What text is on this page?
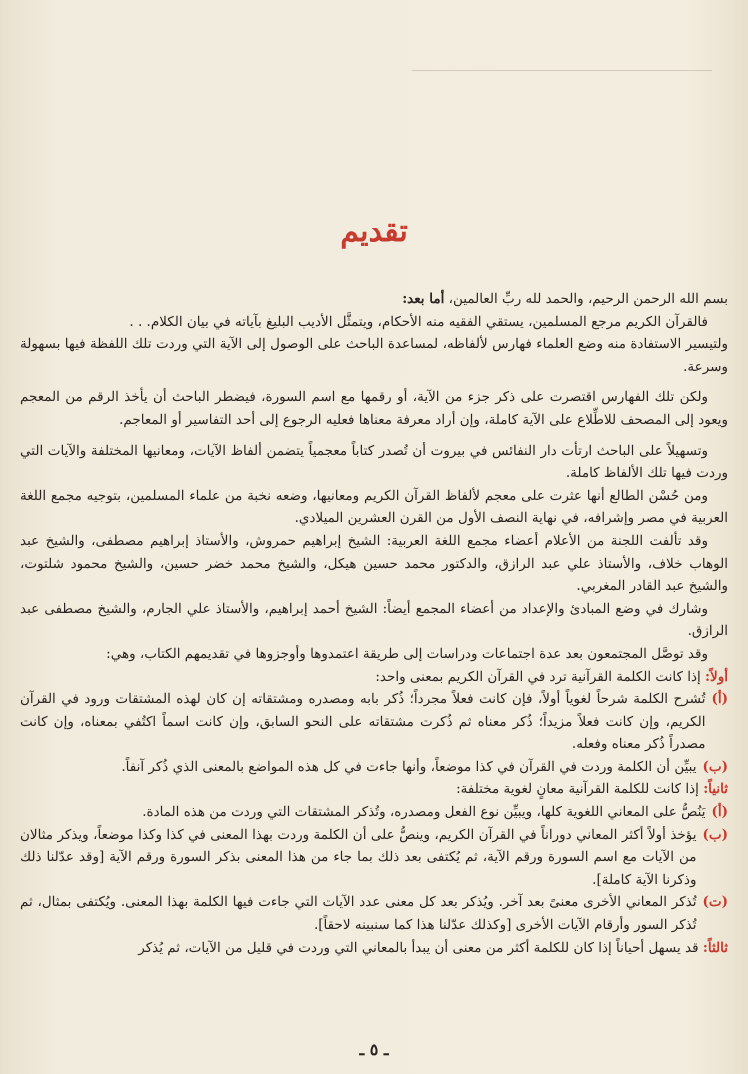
تقديم

بسم الله الرحمن الرحيم، والحمد لله ربِّ العالمين، أما بعد:

فالقرآن الكريم مرجع المسلمين، يستقي الفقيه منه الأحكام، ويتمثَّل الأديب البليغ بآياته في بيان الكلام. . .

ولتيسير الاستفادة منه وضع العلماء فهارس لألفاظه، لمساعدة الباحث على الوصول إلى الآية التي وردت تلك اللفظة فيها بسهولة وسرعة.

ولكن تلك الفهارس اقتصرت على ذكر جزء من الآية، أو رقمها مع اسم السورة، فيضطر الباحث أن يأخذ الرقم من المعجم ويعود إلى المصحف للاطِّلاع على الآية كاملة، وإن أراد معرفة معناها فعليه الرجوع إلى أحد التفاسير أو المعاجم.

وتسهيلاً على الباحث ارتأت دار النفائس في بيروت أن تُصدر كتاباً معجمياً يتضمن ألفاظ الآيات، ومعانيها المختلفة والآيات التي وردت فيها تلك الألفاظ كاملة.

ومن حُسْن الطالع أنها عثرت على معجم لألفاظ القرآن الكريم ومعانيها، وضعه نخبة من علماء المسلمين، بتوجيه مجمع اللغة العربية في مصر وإشرافه، في نهاية النصف الأول من القرن العشرين الميلادي.

وقد تألفت اللجنة من الأعلام أعضاء مجمع اللغة العربية: الشيخ إبراهيم حمروش، والأستاذ إبراهيم مصطفى، والشيخ عبد الوهاب خلاف، والأستاذ علي عبد الرازق، والدكتور محمد حسين هيكل، والشيخ محمد خضر حسين، والشيخ محمود شلتوت، والشيخ عبد القادر المغربي.

وشارك في وضع المبادئ والإعداد من أعضاء المجمع أيضاً: الشيخ أحمد إبراهيم، والأستاذ علي الجارم، والشيخ مصطفى عبد الرازق.

وقد توصَّل المجتمعون بعد عدة اجتماعات ودراسات إلى طريقة اعتمدوها وأوجزوها في تقديمهم الكتاب، وهي:

أولاً: إذا كانت الكلمة القرآنية ترد في القرآن الكريم بمعنى واحد:

(أ)
تُشرح الكلمة شرحاً لغوياً أولاً، فإن كانت فعلاً مجرداً؛ ذُكر بابه ومصدره ومشتقاته إن كان لهذه المشتقات ورود في القرآن الكريم، وإن كانت فعلاً مزيداً؛ ذُكر معناه ثم ذُكرت مشتقاته على النحو السابق، وإن كانت اسماً اكتُفي بمعناه، وإن كانت مصدراً ذُكر معناه وفعله.
(ب)
يبيِّن أن الكلمة وردت في القرآن في كذا موضعاً، وأنها جاءت في كل هذه المواضع بالمعنى الذي ذُكر آنفاً.

ثانياً: إذا كانت للكلمة القرآنية معانٍ لغوية مختلفة:

(أ)
يَنُصُّ على المعاني اللغوية كلها، ويبيِّن نوع الفعل ومصدره، وتُذكر المشتقات التي وردت من هذه المادة.
(ب)
يؤخذ أولاً أكثر المعاني دوراناً في القرآن الكريم، وينصُّ على أن الكلمة وردت بهذا المعنى في كذا وكذا موضعاً، ويذكر مثالان من الآيات مع اسم السورة ورقم الآية، ثم يُكتفى بعد ذلك بما جاء من هذا المعنى بذكر السورة ورقم الآية [وقد عدّلنا ذلك وذكرنا الآية كاملة].
(ت)
تُذكر المعاني الأخرى معنىً بعد آخر. ويُذكر بعد كل معنى عدد الآيات التي جاءت فيها الكلمة بهذا المعنى. ويُكتفى بمثال، ثم تُذكر السور وأرقام الآيات الأخرى [وكذلك عدّلنا هذا كما سنبينه لاحقاً].

ثالثاً: قد يسهل أحياناً إذا كان للكلمة أكثر من معنى أن يبدأ بالمعاني التي وردت في قليل من الآيات، ثم يُذكر

ـ ٥ ـ
